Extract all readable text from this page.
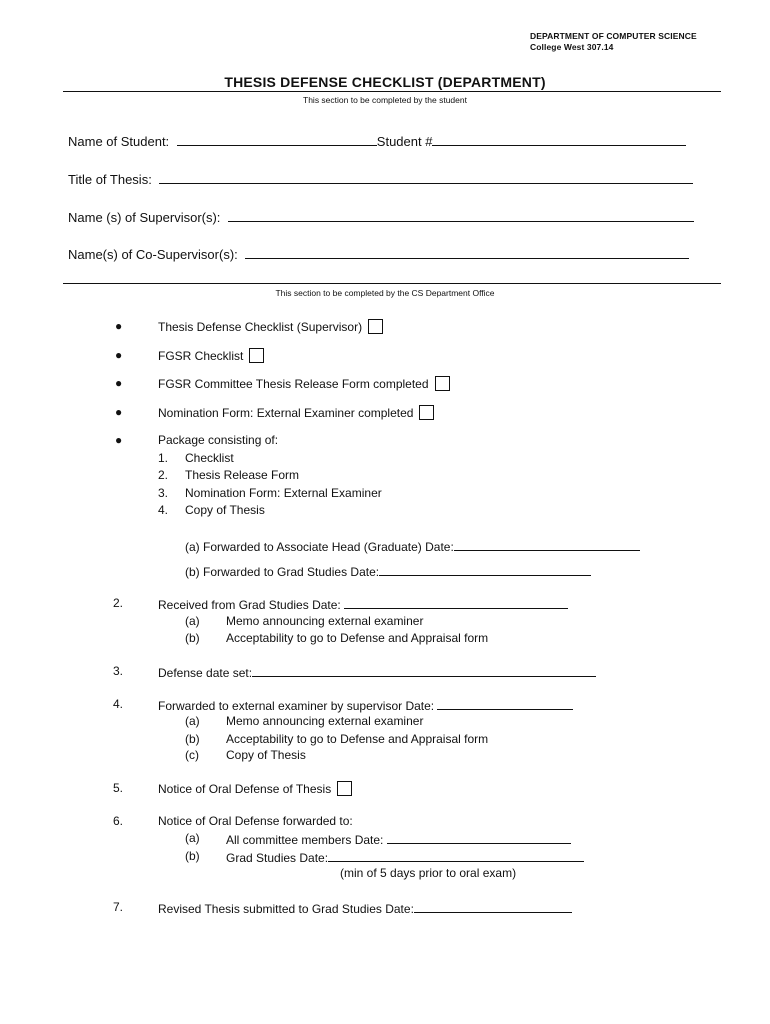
DEPARTMENT OF COMPUTER SCIENCE
College West 307.14
THESIS DEFENSE CHECKLIST (DEPARTMENT)
This section to be completed by the student
Name of Student:	Student #
Title of Thesis:
Name (s) of Supervisor(s):
Name(s) of Co-Supervisor(s):
This section to be completed by the CS Department Office
●	Thesis Defense Checklist (Supervisor)
●	FGSR Checklist
●	FGSR Committee Thesis Release Form completed
●	Nomination Form: External Examiner completed
●	Package consisting of:
1. Checklist
2. Thesis Release Form
3. Nomination Form: External Examiner
4. Copy of Thesis
(a) Forwarded to Associate Head (Graduate) Date:
(b) Forwarded to Grad Studies Date:
2.	Received from Grad Studies Date:
(a) Memo announcing external examiner
(b) Acceptability to go to Defense and Appraisal form
3.	Defense date set:
4.	Forwarded to external examiner by supervisor Date:
(a) Memo announcing external examiner
(b) Acceptability to go to Defense and Appraisal form
(c) Copy of Thesis
5.	Notice of Oral Defense of Thesis
6.	Notice of Oral Defense forwarded to:
(a) All committee members Date:
(b) Grad Studies Date:
(min of 5 days prior to oral exam)
7.	Revised Thesis submitted to Grad Studies Date:
